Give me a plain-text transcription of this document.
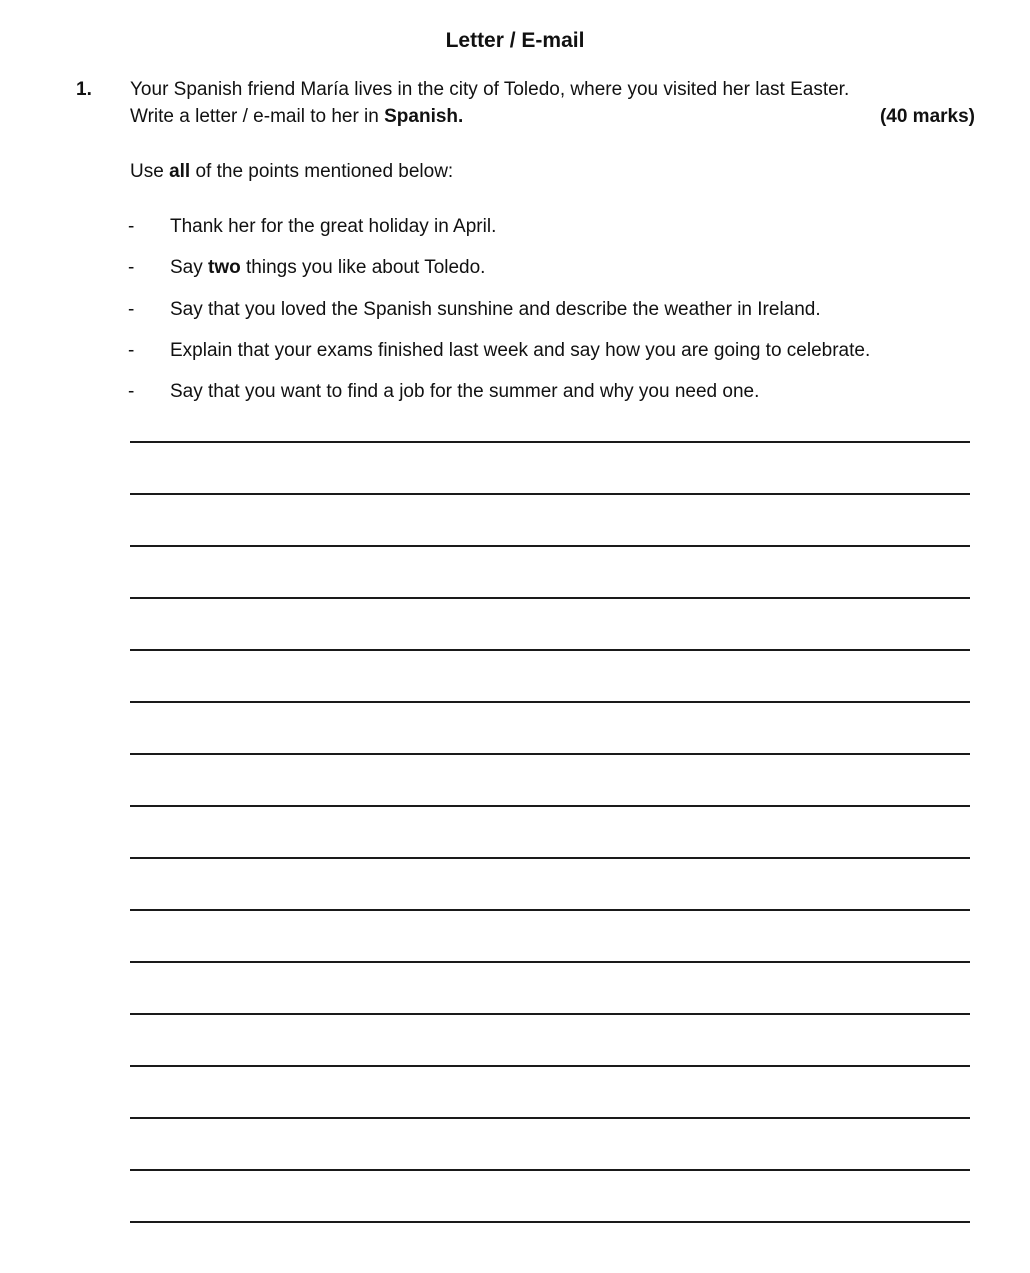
Letter / E-mail
1. Your Spanish friend María lives in the city of Toledo, where you visited her last Easter.
Write a letter / e-mail to her in Spanish.	(40 marks)
Use all of the points mentioned below:
- Thank her for the great holiday in April.
- Say two things you like about Toledo.
- Say that you loved the Spanish sunshine and describe the weather in Ireland.
- Explain that your exams finished last week and say how you are going to celebrate.
- Say that you want to find a job for the summer and why you need one.
